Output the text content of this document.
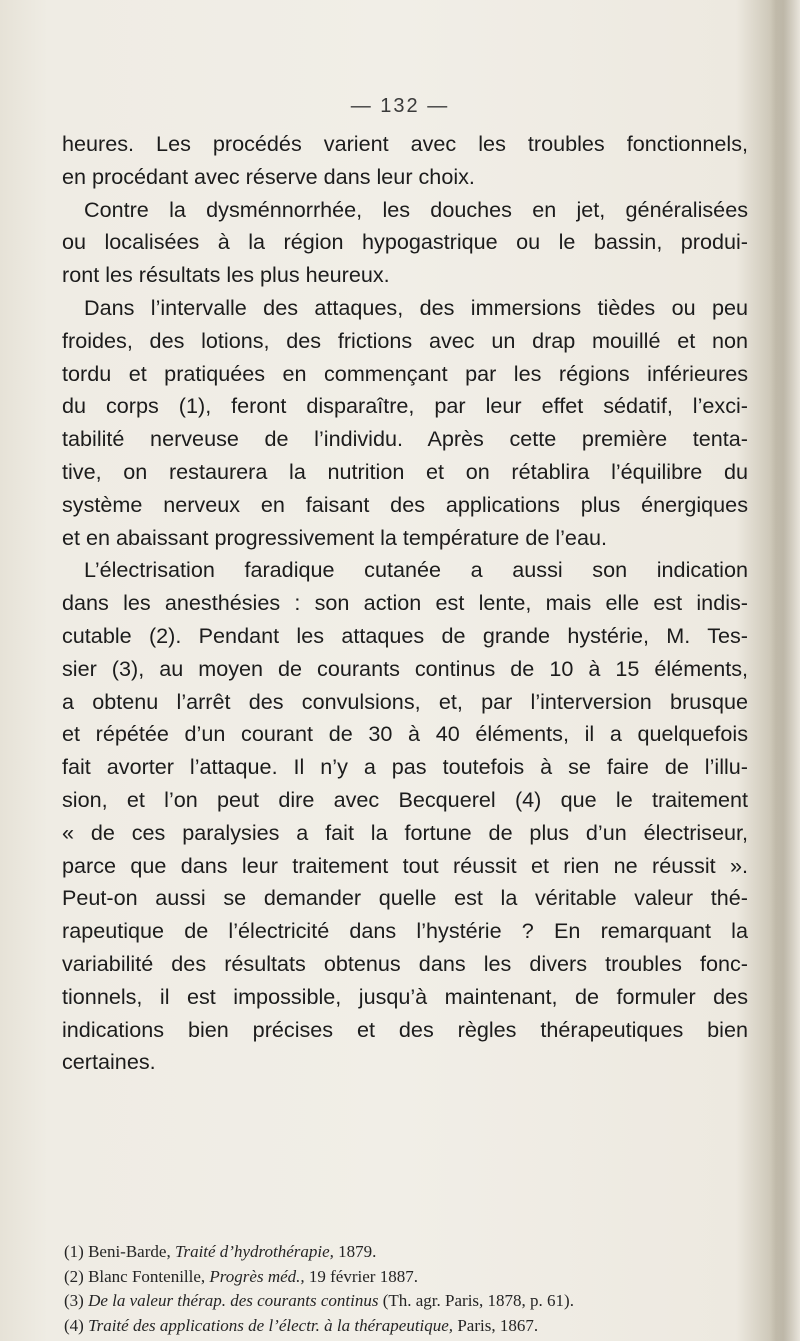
— 132 —
heures. Les procédés varient avec les troubles fonctionnels,
en procédant avec réserve dans leur choix.
Contre la dysménnorrhée, les douches en jet, généralisées
ou localisées à la région hypogastrique ou le bassin, produi-
ront les résultats les plus heureux.
Dans l’intervalle des attaques, des immersions tièdes ou peu
froides, des lotions, des frictions avec un drap mouillé et non
tordu et pratiquées en commençant par les régions inférieures
du corps (1), feront disparaître, par leur effet sédatif, l’exci-
tabilité nerveuse de l’individu. Après cette première tenta-
tive, on restaurera la nutrition et on rétablira l’équilibre du
système nerveux en faisant des applications plus énergiques
et en abaissant progressivement la température de l’eau.
L’électrisation faradique cutanée a aussi son indication
dans les anesthésies : son action est lente, mais elle est indis-
cutable (2). Pendant les attaques de grande hystérie, M. Tes-
sier (3), au moyen de courants continus de 10 à 15 éléments,
a obtenu l’arrêt des convulsions, et, par l’interversion brusque
et répétée d’un courant de 30 à 40 éléments, il a quelquefois
fait avorter l’attaque. Il n’y a pas toutefois à se faire de l’illu-
sion, et l’on peut dire avec Becquerel (4) que le traitement
« de ces paralysies a fait la fortune de plus d’un électriseur,
parce que dans leur traitement tout réussit et rien ne réussit ».
Peut-on aussi se demander quelle est la véritable valeur thé-
rapeutique de l’électricité dans l’hystérie ? En remarquant la
variabilité des résultats obtenus dans les divers troubles fonc-
tionnels, il est impossible, jusqu’à maintenant, de formuler des
indications bien précises et des règles thérapeutiques bien
certaines.
(1) Beni-Barde, Traité d’hydrothérapie, 1879.
(2) Blanc Fontenille, Progrès méd., 19 février 1887.
(3) De la valeur thérap. des courants continus (Th. agr. Paris, 1878, p. 61).
(4) Traité des applications de l’électr. à la thérapeutique, Paris, 1867.
